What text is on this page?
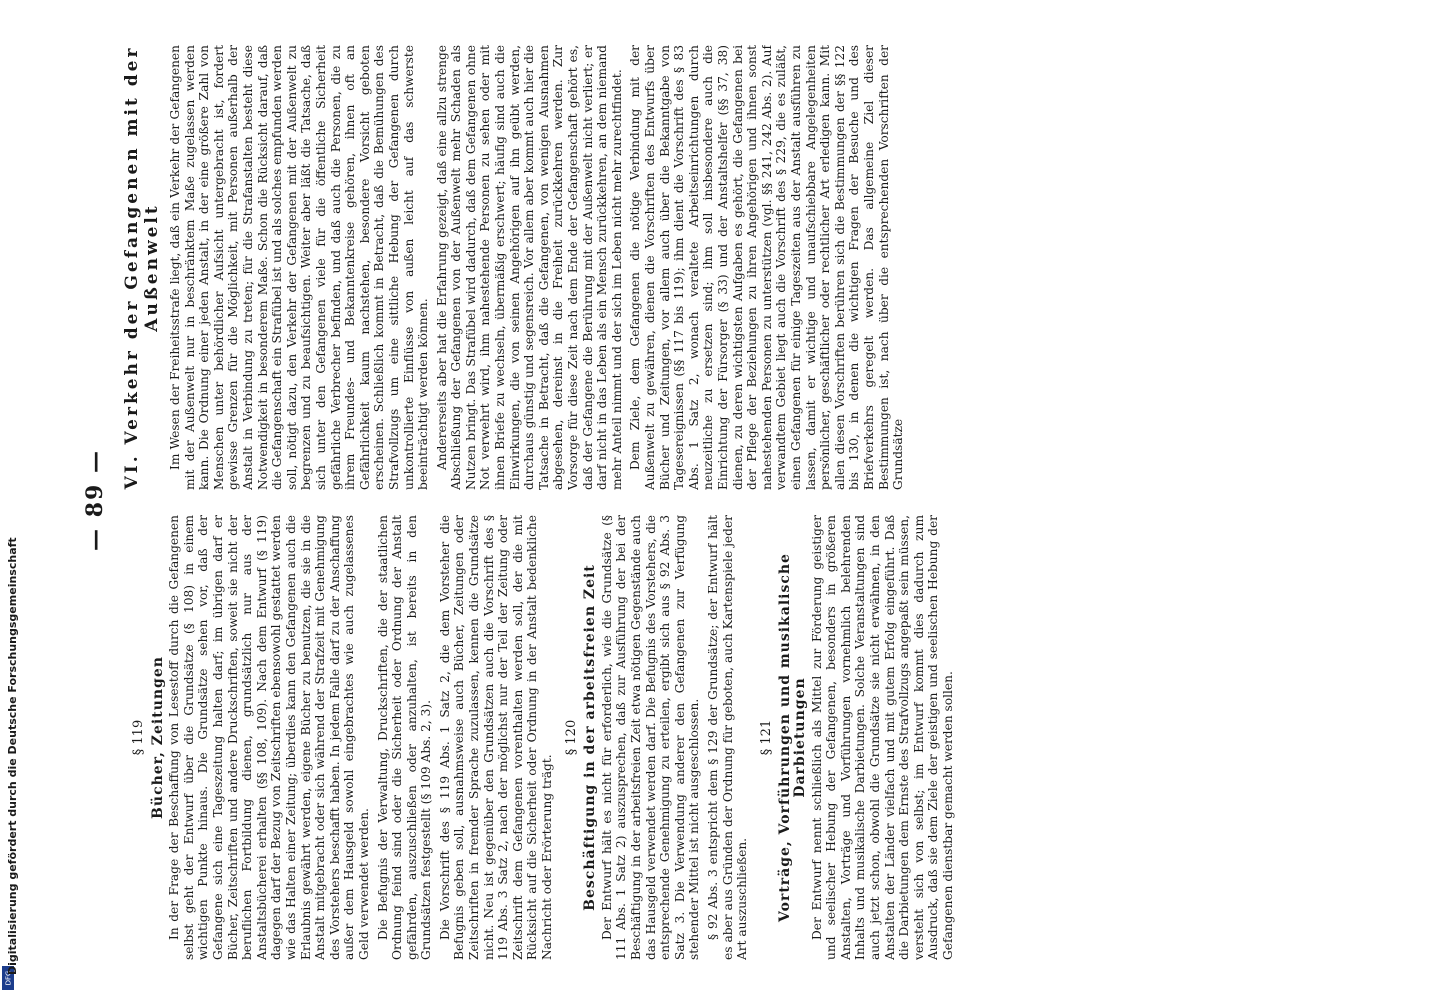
DFG
Digitalisierung gefördert durch die Deutsche Forschungsgemeinschaft
— 89 —
§ 119 Bücher, Zeitungen In der Frage der Beschaffung von Lesestoff durch die Gefangenen selbst geht der Entwurf über die Grundsätze (§ 108) in einem wichtigen Punkte hinaus. Die Grundsätze sehen vor, daß der Gefangene sich eine Tageszeitung halten darf; im übrigen darf er Bücher, Zeitschriften und andere Druckschriften, soweit sie nicht der beruflichen Fortbildung dienen, grundsätzlich nur aus der Anstaltsbücherei erhalten (§§ 108, 109). Nach dem Entwurf (§ 119) dagegen darf der Bezug von Zeitschriften ebensowohl gestattet werden wie das Halten einer Zeitung; überdies kann den Gefangenen auch die Erlaubnis gewährt werden, eigene Bücher zu benutzen, die sie in die Anstalt mitgebracht oder sich während der Strafzeit mit Genehmigung des Vorstehers beschafft haben. In jedem Falle darf zu der Anschaffung außer dem Hausgeld sowohl eingebrachtes wie auch zugelassenes Geld verwendet werden. Die Befugnis der Verwaltung, Druckschriften, die der staatlichen Ordnung feind sind oder die Sicherheit oder Ordnung der Anstalt gefährden, auszuschließen oder anzuhalten, ist bereits in den Grundsätzen festgestellt (§ 109 Abs. 2, 3). Die Vorschrift des § 119 Abs. 1 Satz 2, die dem Vorsteher die Befugnis geben soll, ausnahmsweise auch Bücher, Zeitungen oder Zeitschriften in fremder Sprache zuzulassen, kennen die Grundsätze nicht. Neu ist gegenüber den Grundsätzen auch die Vorschrift des § 119 Abs. 3 Satz 2, nach der möglichst nur der Teil der Zeitung oder Zeitschrift dem Gefangenen vorenthalten werden soll, der die mit Rücksicht auf die Sicherheit oder Ordnung in der Anstalt bedenkliche Nachricht oder Erörterung trägt.

§ 120 Beschäftigung in der arbeitsfreien Zeit Der Entwurf hält es nicht für erforderlich, wie die Grundsätze (§ 111 Abs. 1 Satz 2) auszusprechen, daß zur Ausführung der bei der Beschäftigung in der arbeitsfreien Zeit etwa nötigen Gegenstände auch das Hausgeld verwendet werden darf. Die Befugnis des Vorstehers, die entsprechende Genehmigung zu erteilen, ergibt sich aus § 92 Abs. 3 Satz 3. Die Verwendung anderer den Gefangenen zur Verfügung stehender Mittel ist nicht ausgeschlossen. § 92 Abs. 3 entspricht dem § 129 der Grundsätze; der Entwurf hält es aber aus Gründen der Ordnung für geboten, auch Kartenspiele jeder Art auszuschließen.

§ 121 Vorträge, Vorführungen und musikalische Darbietungen Der Entwurf nennt schließlich als Mittel zur Förderung geistiger und seelischer Hebung der Gefangenen, besonders in größeren Anstalten, Vorträge und Vorführungen vornehmlich belehrenden Inhalts und musikalische Darbietungen. Solche Veranstaltungen sind auch jetzt schon, obwohl die Grundsätze sie nicht erwähnen, in den Anstalten der Länder vielfach und mit gutem Erfolg eingeführt. Daß die Darbietungen dem Ernste des Strafvollzugs angepaßt sein müssen, versteht sich von selbst; im Entwurf kommt dies dadurch zum Ausdruck, daß sie dem Ziele der geistigen und seelischen Hebung der Gefangenen dienstbar gemacht werden sollen.

VI. Verkehr der Gefangenen mit der Außenwelt Im Wesen der Freiheitsstrafe liegt, daß ein Verkehr der Gefangenen mit der Außenwelt nur in beschränktem Maße zugelassen werden kann. Die Ordnung einer jeden Anstalt, in der eine größere Zahl von Menschen unter behördlicher Aufsicht untergebracht ist, fordert gewisse Grenzen für die Möglichkeit, mit Personen außerhalb der Anstalt in Verbindung zu treten; für die Strafanstalten besteht diese Notwendigkeit in besonderem Maße. Schon die Rücksicht darauf, daß die Gefangenschaft ein Strafübel ist und als solches empfunden werden soll, nötigt dazu, den Verkehr der Gefangenen mit der Außenwelt zu begrenzen und zu beaufsichtigen. Weiter aber läßt die Tatsache, daß sich unter den Gefangenen viele für die öffentliche Sicherheit gefährliche Verbrecher befinden, und daß auch die Personen, die zu ihrem Freundes- und Bekanntenkreise gehören, ihnen oft an Gefährlichkeit kaum nachstehen, besondere Vorsicht geboten erscheinen. Schließlich kommt in Betracht, daß die Bemühungen des Strafvollzugs um eine sittliche Hebung der Gefangenen durch unkontrollierte Einflüsse von außen leicht auf das schwerste beeinträchtigt werden können. Andererseits aber hat die Erfahrung gezeigt, daß eine allzu strenge Abschließung der Gefangenen von der Außenwelt mehr Schaden als Nutzen bringt. Das Strafübel wird dadurch, daß dem Gefangenen ohne Not verwehrt wird, ihm nahestehende Personen zu sehen oder mit ihnen Briefe zu wechseln, übermäßig erschwert; häufig sind auch die Einwirkungen, die von seinen Angehörigen auf ihn geübt werden, durchaus günstig und segensreich. Vor allem aber kommt auch hier die Tatsache in Betracht, daß die Gefangenen, von wenigen Ausnahmen abgesehen, dereinst in die Freiheit zurückkehren werden. Zur Vorsorge für diese Zeit nach dem Ende der Gefangenschaft gehört es, daß der Gefangene die Berührung mit der Außenwelt nicht verliert; er darf nicht in das Leben als ein Mensch zurückkehren, an dem niemand mehr Anteil nimmt und der sich im Leben nicht mehr zurechtfindet. Dem Ziele, dem Gefangenen die nötige Verbindung mit der Außenwelt zu gewähren, dienen die Vorschriften des Entwurfs über Bücher und Zeitungen, vor allem auch über die Bekanntgabe von Tagesereignissen (§§ 117 bis 119); ihm dient die Vorschrift des § 83 Abs. 1 Satz 2, wonach veraltete Arbeitseinrichtungen durch neuzeitliche zu ersetzen sind; ihm soll insbesondere auch die Einrichtung der Fürsorger (§ 33) und der Anstaltshelfer (§§ 37, 38) dienen, zu deren wichtigsten Aufgaben es gehört, die Gefangenen bei der Pflege der Beziehungen zu ihren Angehörigen und ihnen sonst nahestehenden Personen zu unterstützen (vgl. §§ 241, 242 Abs. 2). Auf verwandtem Gebiet liegt auch die Vorschrift des § 229, die es zuläßt, einen Gefangenen für einige Tageszeiten aus der Anstalt ausführen zu lassen, damit er wichtige und unaufschiebbare Angelegenheiten persönlicher, geschäftlicher oder rechtlicher Art erledigen kann. Mit allen diesen Vorschriften berühren sich die Bestimmungen der §§ 122 bis 130, in denen die wichtigen Fragen der Besuche und des Briefverkehrs geregelt werden. Das allgemeine Ziel dieser Bestimmungen ist, nach über die entsprechenden Vorschriften der Grundsätze
